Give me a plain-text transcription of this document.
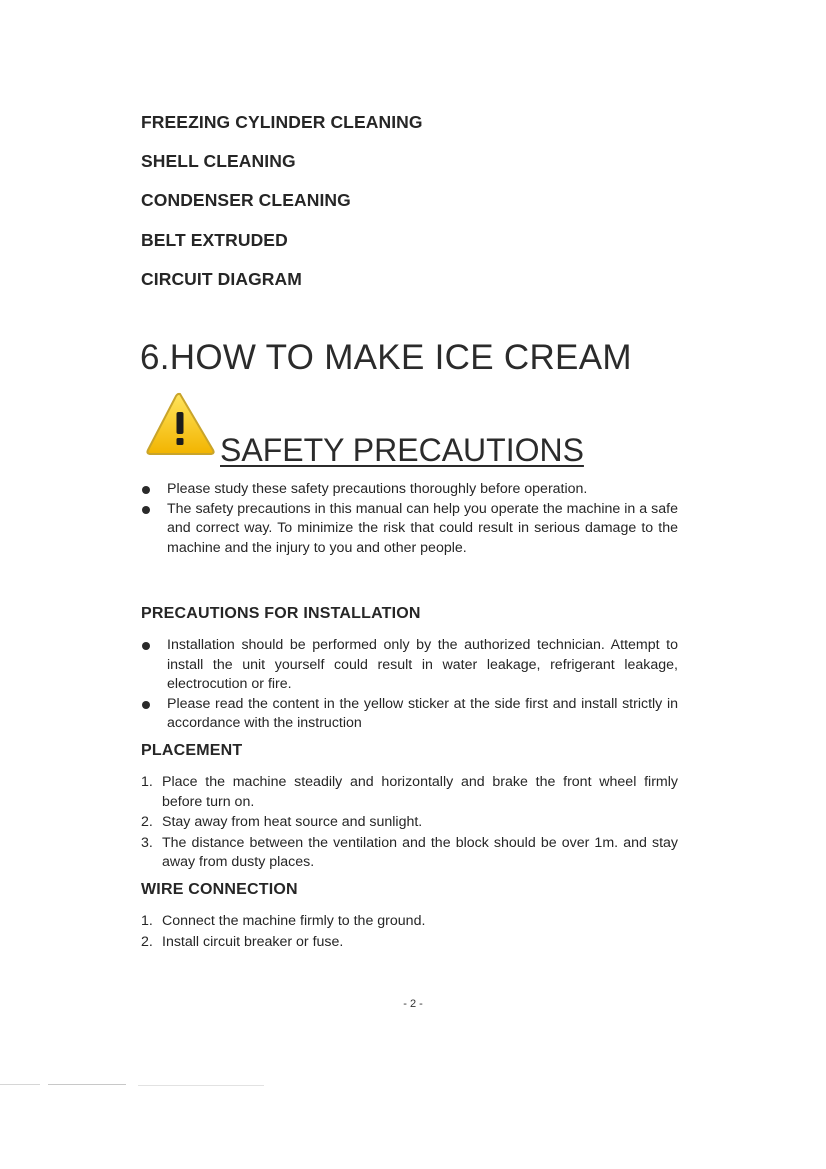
FREEZING CYLINDER CLEANING
SHELL CLEANING
CONDENSER CLEANING
BELT EXTRUDED
CIRCUIT DIAGRAM
6.HOW TO MAKE ICE CREAM
SAFETY PRECAUTIONS
Please study these safety precautions thoroughly before operation.
The safety precautions in this manual can help you operate the machine in a safe and correct way. To minimize the risk that could result in serious damage to the machine and the injury to you and other people.
PRECAUTIONS FOR INSTALLATION
Installation should be performed only by the authorized technician. Attempt to install the unit yourself could result in water leakage, refrigerant leakage, electrocution or fire.
Please read the content in the yellow sticker at the side first and install strictly in accordance with the instruction
PLACEMENT
1. Place the machine steadily and horizontally and brake the front wheel firmly before turn on.
2. Stay away from heat source and sunlight.
3. The distance between the ventilation and the block should be over 1m. and stay away from dusty places.
WIRE CONNECTION
1. Connect the machine firmly to the ground.
2. Install circuit breaker or fuse.
- 2 -
